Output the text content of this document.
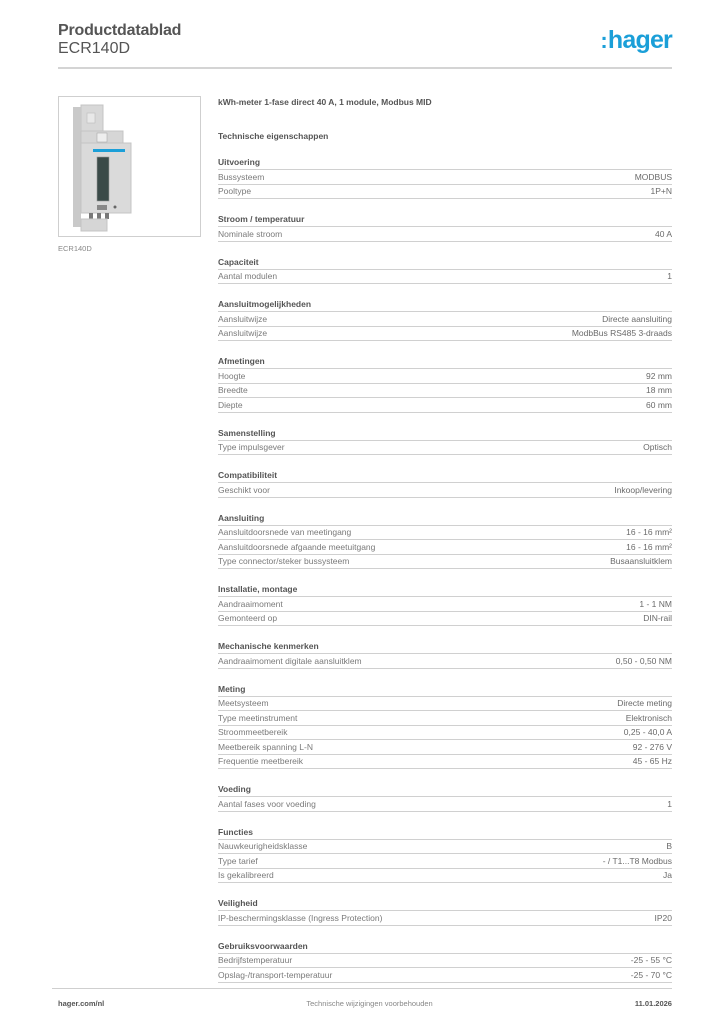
Productdatablad
ECR140D	:hager
ECR140D
kWh-meter 1-fase direct 40 A, 1 module, Modbus MID
Technische eigenschappen
Uitvoering
Bussysteem	MODBUS
Pooltype	1P+N
Stroom / temperatuur
Nominale stroom	40 A
Capaciteit
Aantal modulen	1
Aansluitmogelijkheden
Aansluitwijze	Directe aansluiting
Aansluitwijze	ModbBus RS485 3-draads
Afmetingen
Hoogte	92 mm
Breedte	18 mm
Diepte	60 mm
Samenstelling
Type impulsgever	Optisch
Compatibiliteit
Geschikt voor	Inkoop/levering
Aansluiting
Aansluitdoorsnede van meetingang	16 - 16 mm²
Aansluitdoorsnede afgaande meetuitgang	16 - 16 mm²
Type connector/steker bussysteem	Busaansluitklem
Installatie, montage
Aandraaimoment	1 - 1 NM
Gemonteerd op	DIN-rail
Mechanische kenmerken
Aandraaimoment digitale aansluitklem	0,50 - 0,50 NM
Meting
Meetsysteem	Directe meting
Type meetinstrument	Elektronisch
Stroommeetbereik	0,25 - 40,0 A
Meetbereik spanning L-N	92 - 276 V
Frequentie meetbereik	45 - 65 Hz
Voeding
Aantal fases voor voeding	1
Functies
Nauwkeurigheidsklasse	B
Type tarief	- / T1...T8 Modbus
Is gekalibreerd	Ja
Veiligheid
IP-beschermingsklasse (Ingress Protection)	IP20
Gebruiksvoorwaarden
Bedrijfstemperatuur	-25 - 55 °C
Opslag-/transport-temperatuur	-25 - 70 °C
hager.com/nl	Technische wijzigingen voorbehouden	11.01.2026
